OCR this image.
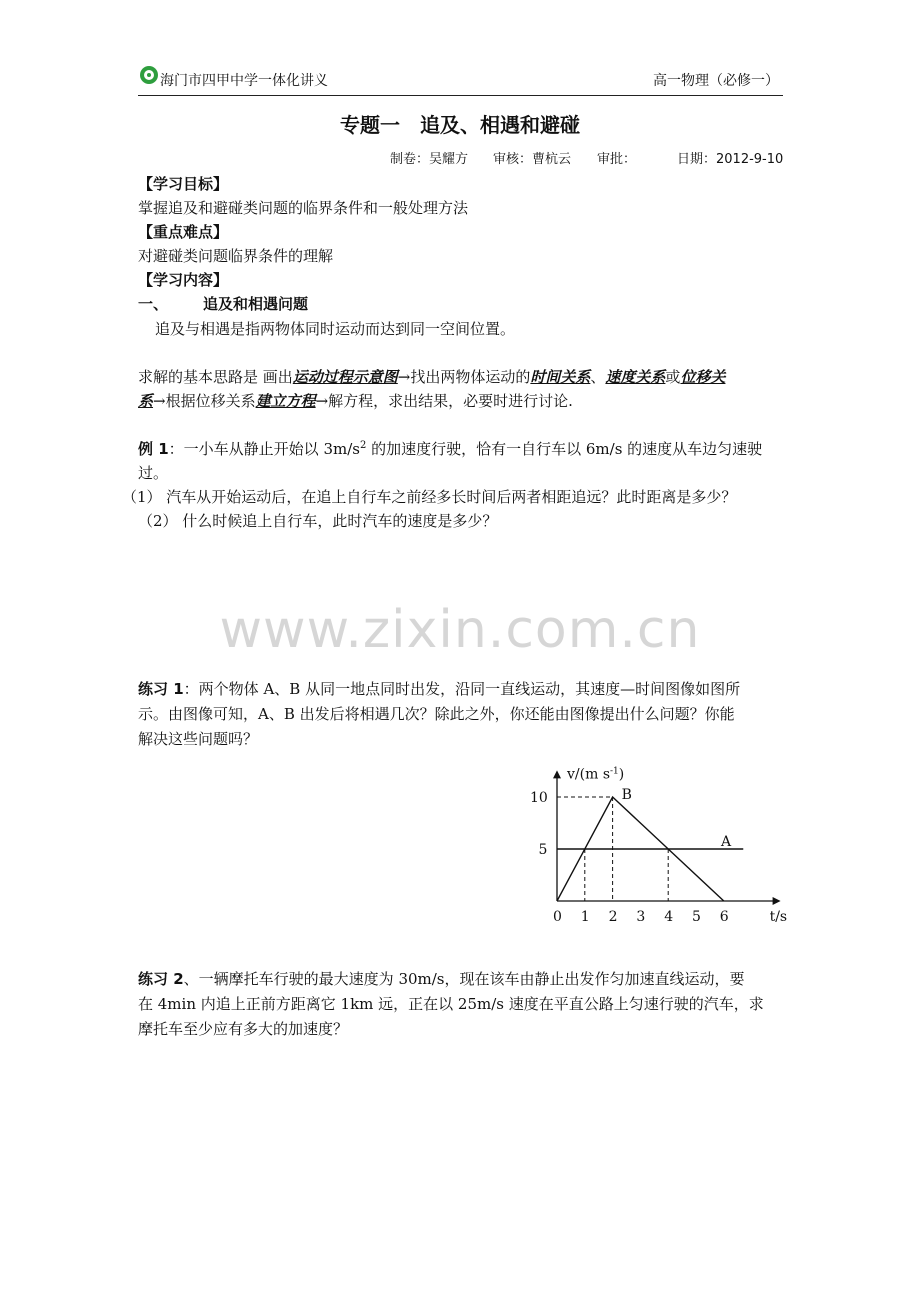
海门市四甲中学一体化讲义	高一物理（必修一）
专题一　追及、相遇和避碰
制卷：吴耀方 审核：曹杭云 审批：	日期：2012-9-10
【学习目标】
掌握追及和避碰类问题的临界条件和一般处理方法
【重点难点】
对避碰类问题临界条件的理解
【学习内容】
一、 追及和相遇问题
追及与相遇是指两物体同时运动而达到同一空间位置。
求解的基本思路是 画出运动过程示意图→找出两物体运动的时间关系、速度关系或位移关
系→根据位移关系建立方程→解方程，求出结果，必要时进行讨论.
例 1：一小车从静止开始以 $3m/s^2$ 的加速度行驶，恰有一自行车以 6m/s 的速度从车边匀速驶
过。
（1） 汽车从开始运动后，在追上自行车之前经多长时间后两者相距追远？此时距离是多少？
（2） 什么时候追上自行车，此时汽车的速度是多少？
www.zixin.com.cn
练习 1：两个物体 A、B 从同一地点同时出发，沿同一直线运动，其速度—时间图像如图所
示。由图像可知，A、B 出发后将相遇几次？除此之外，你还能由图像提出什么问题？你能
解决这些问题吗？
v/(m $s^{-1}$)
t/s
0 1 2 3 4 5 6
5
10	B
A
练习 2、一辆摩托车行驶的最大速度为 30m/s，现在该车由静止出发作匀加速直线运动，要
在 4min 内追上正前方距离它 1km 远，正在以 25m/s 速度在平直公路上匀速行驶的汽车，求
摩托车至少应有多大的加速度？
